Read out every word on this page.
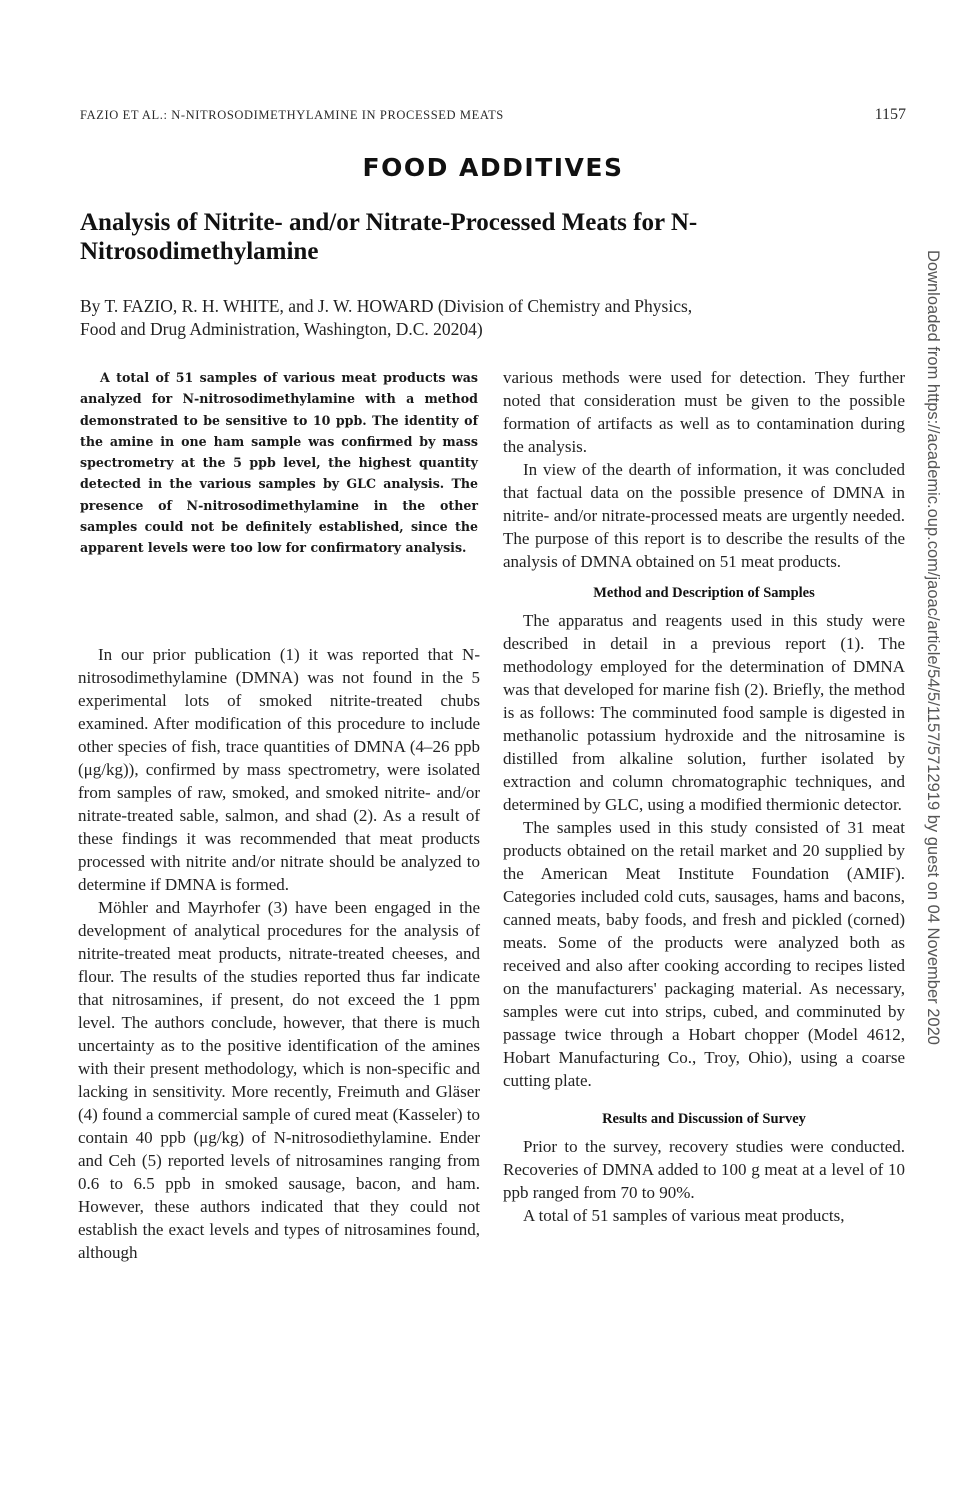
FAZIO ET AL.: N-NITROSODIMETHYLAMINE IN PROCESSED MEATS	1157
FOOD ADDITIVES
Analysis of Nitrite- and/or Nitrate-Processed Meats for N-Nitrosodimethylamine
By T. FAZIO, R. H. WHITE, and J. W. HOWARD (Division of Chemistry and Physics,
Food and Drug Administration, Washington, D.C. 20204)
A total of 51 samples of various meat products was analyzed for N-nitrosodimethylamine with a method demonstrated to be sensitive to 10 ppb. The identity of the amine in one ham sample was confirmed by mass spectrometry at the 5 ppb level, the highest quantity detected in the various samples by GLC analysis. The presence of N-nitrosodimethylamine in the other samples could not be definitely established, since the apparent levels were too low for confirmatory analysis.

In our prior publication (1) it was reported that N-nitrosodimethylamine (DMNA) was not found in the 5 experimental lots of smoked nitrite-treated chubs examined. After modification of this procedure to include other species of fish, trace quantities of DMNA (4–26 ppb (μg/kg)), confirmed by mass spectrometry, were isolated from samples of raw, smoked, and smoked nitrite- and/or nitrate-treated sable, salmon, and shad (2). As a result of these findings it was recommended that meat products processed with nitrite and/or nitrate should be analyzed to determine if DMNA is formed.

Möhler and Mayrhofer (3) have been engaged in the development of analytical procedures for the analysis of nitrite-treated meat products, nitrate-treated cheeses, and flour. The results of the studies reported thus far indicate that nitrosamines, if present, do not exceed the 1 ppm level. The authors conclude, however, that there is much uncertainty as to the positive identification of the amines with their present methodology, which is non-specific and lacking in sensitivity. More recently, Freimuth and Gläser (4) found a commercial sample of cured meat (Kasseler) to contain 40 ppb (μg/kg) of N-nitrosodiethylamine. Ender and Ceh (5) reported levels of nitrosamines ranging from 0.6 to 6.5 ppb in smoked sausage, bacon, and ham. However, these authors indicated that they could not establish the exact levels and types of nitrosamines found, although

various methods were used for detection. They further noted that consideration must be given to the possible formation of artifacts as well as to contamination during the analysis.

In view of the dearth of information, it was concluded that factual data on the possible presence of DMNA in nitrite- and/or nitrate-processed meats are urgently needed. The purpose of this report is to describe the results of the analysis of DMNA obtained on 51 meat products.

Method and Description of Samples

The apparatus and reagents used in this study were described in detail in a previous report (1). The methodology employed for the determination of DMNA was that developed for marine fish (2). Briefly, the method is as follows: The comminuted food sample is digested in methanolic potassium hydroxide and the nitrosamine is distilled from alkaline solution, further isolated by extraction and column chromatographic techniques, and determined by GLC, using a modified thermionic detector.

The samples used in this study consisted of 31 meat products obtained on the retail market and 20 supplied by the American Meat Institute Foundation (AMIF). Categories included cold cuts, sausages, hams and bacons, canned meats, baby foods, and fresh and pickled (corned) meats. Some of the products were analyzed both as received and also after cooking according to recipes listed on the manufacturers' packaging material. As necessary, samples were cut into strips, cubed, and comminuted by passage twice through a Hobart chopper (Model 4612, Hobart Manufacturing Co., Troy, Ohio), using a coarse cutting plate.

Results and Discussion of Survey

Prior to the survey, recovery studies were conducted. Recoveries of DMNA added to 100 g meat at a level of 10 ppb ranged from 70 to 90%.

A total of 51 samples of various meat products,

Downloaded from https://academic.oup.com/jaoac/article/54/5/1157/5712919 by guest on 04 November 2020
